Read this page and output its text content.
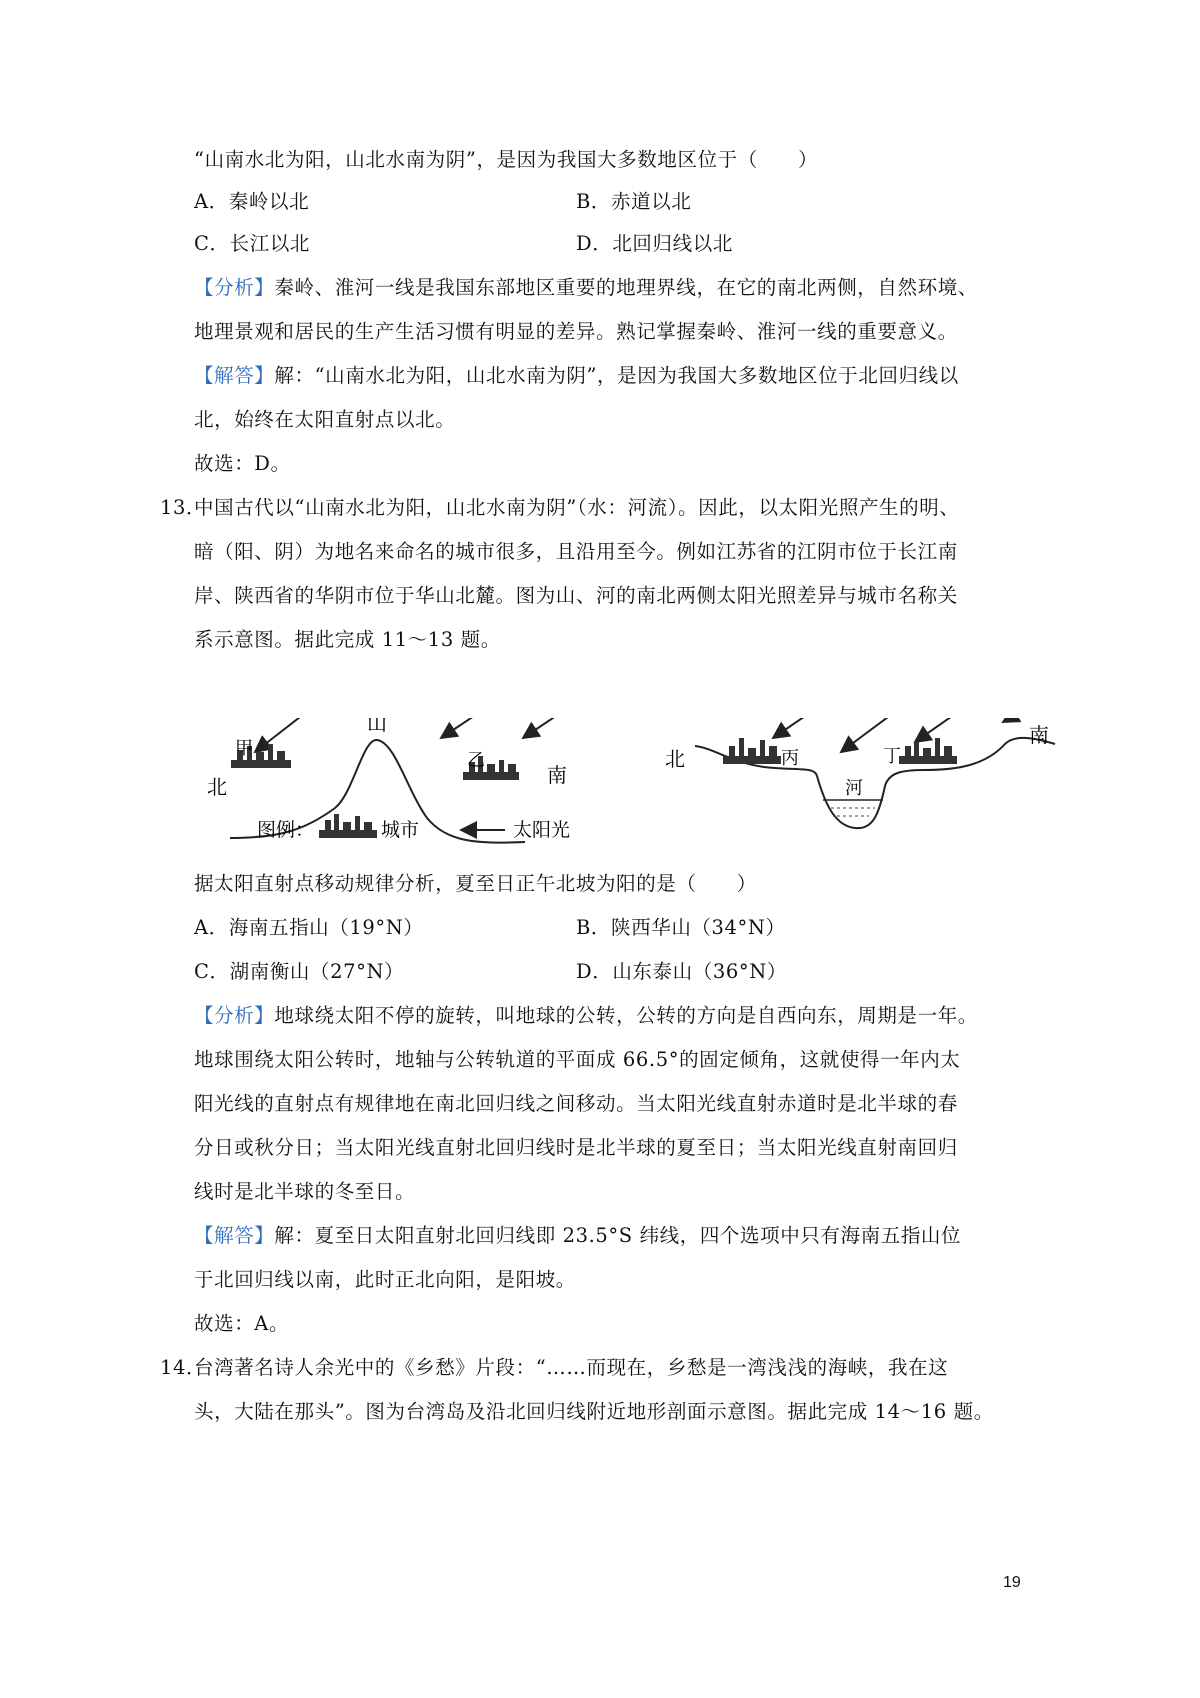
“山南水北为阳，山北水南为阴”，是因为我国大多数地区位于（　　）
A．秦岭以北	B．赤道以北
C．长江以北	D．北回归线以北
【分析】秦岭、淮河一线是我国东部地区重要的地理界线，在它的南北两侧，自然环境、
地理景观和居民的生产生活习惯有明显的差异。熟记掌握秦岭、淮河一线的重要意义。
【解答】解：“山南水北为阳，山北水南为阴”，是因为我国大多数地区位于北回归线以
北，始终在太阳直射点以北。
故选：D。
13．
中国古代以“山南水北为阳，山北水南为阴”（水：河流）。因此，以太阳光照产生的明、
暗（阳、阴）为地名来命名的城市很多，且沿用至今。例如江苏省的江阴市位于长江南
岸、陕西省的华阴市位于华山北麓。图为山、河的南北两侧太阳光照差异与城市名称关
系示意图。据此完成 11～13 题。
北
甲
山
乙
南
图例：	城市	太阳光
北	丙
河
丁
南
据太阳直射点移动规律分析，夏至日正午北坡为阳的是（　　）
A．海南五指山（19°N）	B．陕西华山（34°N）
C．湖南衡山（27°N）	D．山东泰山（36°N）
【分析】地球绕太阳不停的旋转，叫地球的公转，公转的方向是自西向东，周期是一年。
地球围绕太阳公转时，地轴与公转轨道的平面成 66.5°的固定倾角，这就使得一年内太
阳光线的直射点有规律地在南北回归线之间移动。当太阳光线直射赤道时是北半球的春
分日或秋分日；当太阳光线直射北回归线时是北半球的夏至日；当太阳光线直射南回归
线时是北半球的冬至日。
【解答】解：夏至日太阳直射北回归线即 23.5°S 纬线，四个选项中只有海南五指山位
于北回归线以南，此时正北向阳，是阳坡。
故选：A。
14．
台湾著名诗人余光中的《乡愁》片段：“……而现在，乡愁是一湾浅浅的海峡，我在这
头，大陆在那头”。图为台湾岛及沿北回归线附近地形剖面示意图。据此完成 14～16 题。
19
